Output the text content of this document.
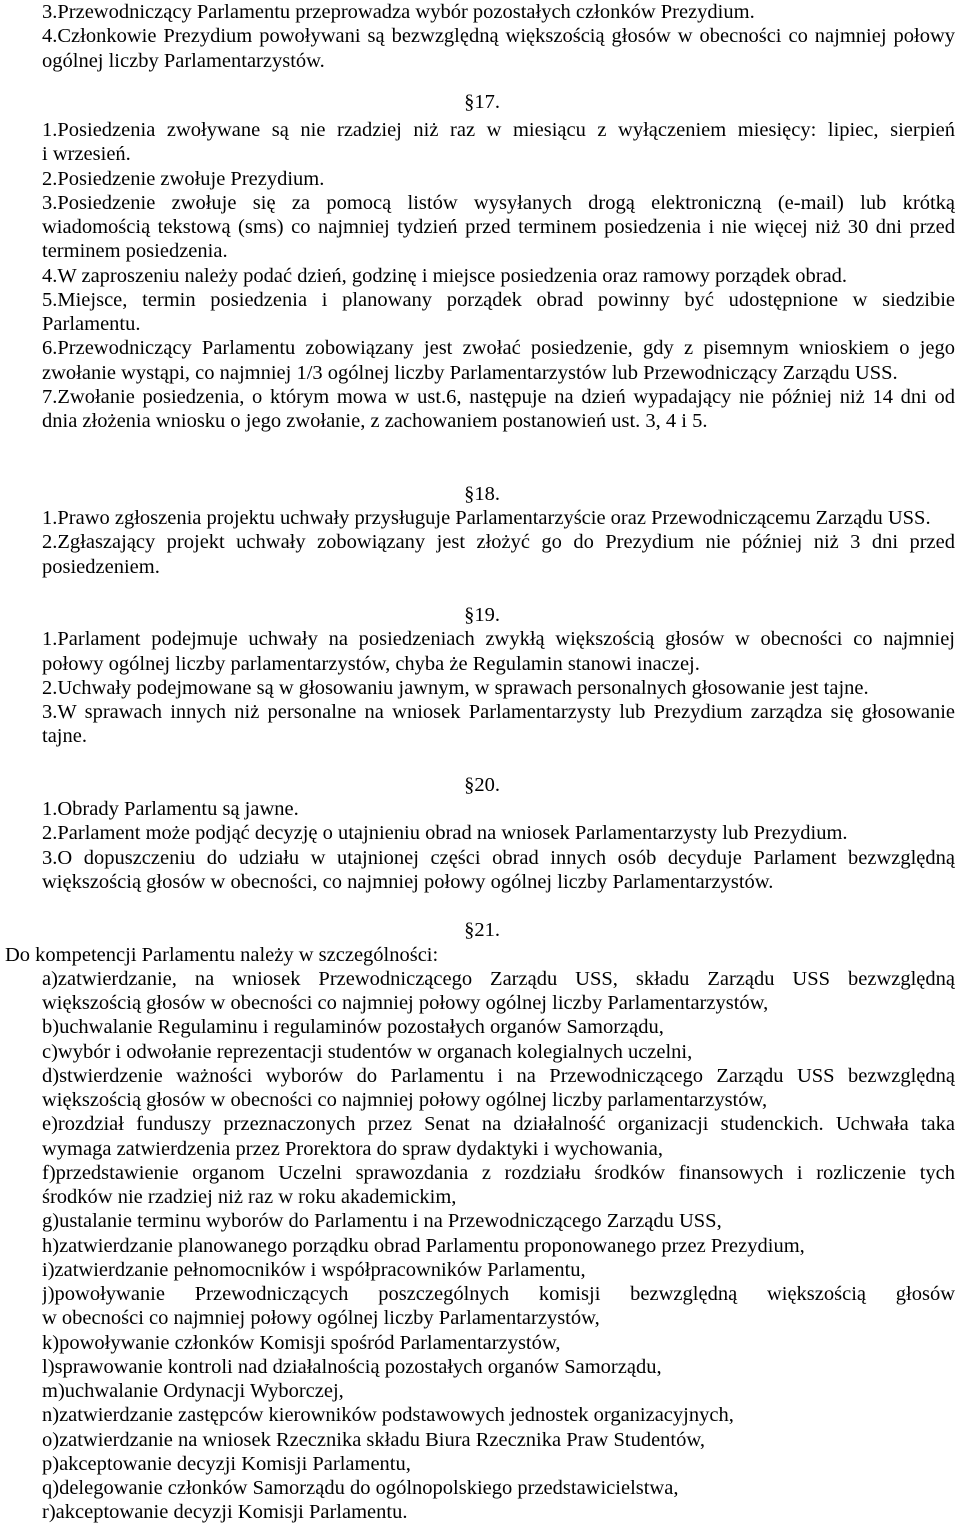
3.Przewodniczący Parlamentu przeprowadza wybór pozostałych członków Prezydium.
4.Członkowie Prezydium powoływani są bezwzględną większością głosów w obecności co najmniej połowy
ogólnej liczby Parlamentarzystów.
§17.
1.Posiedzenia zwoływane są nie rzadziej niż raz w miesiącu z wyłączeniem miesięcy: lipiec, sierpień
i wrzesień.
2.Posiedzenie zwołuje Prezydium.
3.Posiedzenie zwołuje się za pomocą listów wysyłanych drogą elektroniczną (e-mail) lub krótką
wiadomością tekstową (sms) co najmniej tydzień przed terminem posiedzenia i nie więcej niż 30 dni przed
terminem posiedzenia.
4.W zaproszeniu należy podać dzień, godzinę i miejsce posiedzenia oraz ramowy porządek obrad.
5.Miejsce, termin posiedzenia i planowany porządek obrad powinny być udostępnione w siedzibie
Parlamentu.
6.Przewodniczący Parlamentu zobowiązany jest zwołać posiedzenie, gdy z pisemnym wnioskiem o jego
zwołanie wystąpi, co najmniej 1/3 ogólnej liczby Parlamentarzystów lub Przewodniczący Zarządu USS.
7.Zwołanie posiedzenia, o którym mowa w ust.6, następuje na dzień wypadający nie później niż 14 dni od
dnia złożenia wniosku o jego zwołanie, z zachowaniem postanowień ust. 3, 4 i 5.
§18.
1.Prawo zgłoszenia projektu uchwały przysługuje Parlamentarzyście oraz Przewodniczącemu Zarządu USS.
2.Zgłaszający projekt uchwały zobowiązany jest złożyć go do Prezydium nie później niż 3 dni przed
posiedzeniem.
§19.
1.Parlament podejmuje uchwały na posiedzeniach zwykłą większością głosów w obecności co najmniej
połowy ogólnej liczby parlamentarzystów, chyba że Regulamin stanowi inaczej.
2.Uchwały podejmowane są w głosowaniu jawnym, w sprawach personalnych głosowanie jest tajne.
3.W sprawach innych niż personalne na wniosek Parlamentarzysty lub Prezydium zarządza się głosowanie
tajne.
§20.
1.Obrady Parlamentu są jawne.
2.Parlament może podjąć decyzję o utajnieniu obrad na wniosek Parlamentarzysty lub Prezydium.
3.O dopuszczeniu do udziału w utajnionej części obrad innych osób decyduje Parlament bezwzględną
większością głosów w obecności, co najmniej połowy ogólnej liczby Parlamentarzystów.
§21.
Do kompetencji Parlamentu należy w szczególności:
a)zatwierdzanie, na wniosek Przewodniczącego Zarządu USS, składu Zarządu USS bezwzględną
większością głosów w obecności co najmniej połowy ogólnej liczby Parlamentarzystów,
b)uchwalanie Regulaminu i regulaminów pozostałych organów Samorządu,
c)wybór i odwołanie reprezentacji studentów w organach kolegialnych uczelni,
d)stwierdzenie ważności wyborów do Parlamentu i na Przewodniczącego Zarządu USS bezwzględną
większością głosów w obecności co najmniej połowy ogólnej liczby parlamentarzystów,
e)rozdział funduszy przeznaczonych przez Senat na działalność organizacji studenckich. Uchwała taka
wymaga zatwierdzenia przez Prorektora do spraw dydaktyki i wychowania,
f)przedstawienie organom Uczelni sprawozdania z rozdziału środków finansowych i rozliczenie tych
środków nie rzadziej niż raz w roku akademickim,
g)ustalanie terminu wyborów do Parlamentu i na Przewodniczącego Zarządu USS,
h)zatwierdzanie planowanego porządku obrad Parlamentu proponowanego przez Prezydium,
i)zatwierdzanie pełnomocników i współpracowników Parlamentu,
j)powoływanie Przewodniczących poszczególnych komisji bezwzględną większością głosów
w obecności co najmniej połowy ogólnej liczby Parlamentarzystów,
k)powoływanie członków Komisji spośród Parlamentarzystów,
l)sprawowanie kontroli nad działalnością pozostałych organów Samorządu,
m)uchwalanie Ordynacji Wyborczej,
n)zatwierdzanie zastępców kierowników podstawowych jednostek organizacyjnych,
o)zatwierdzanie na wniosek Rzecznika składu Biura Rzecznika Praw Studentów,
p)akceptowanie decyzji Komisji Parlamentu,
q)delegowanie członków Samorządu do ogólnopolskiego przedstawicielstwa,
r)akceptowanie decyzji Komisji Parlamentu.
